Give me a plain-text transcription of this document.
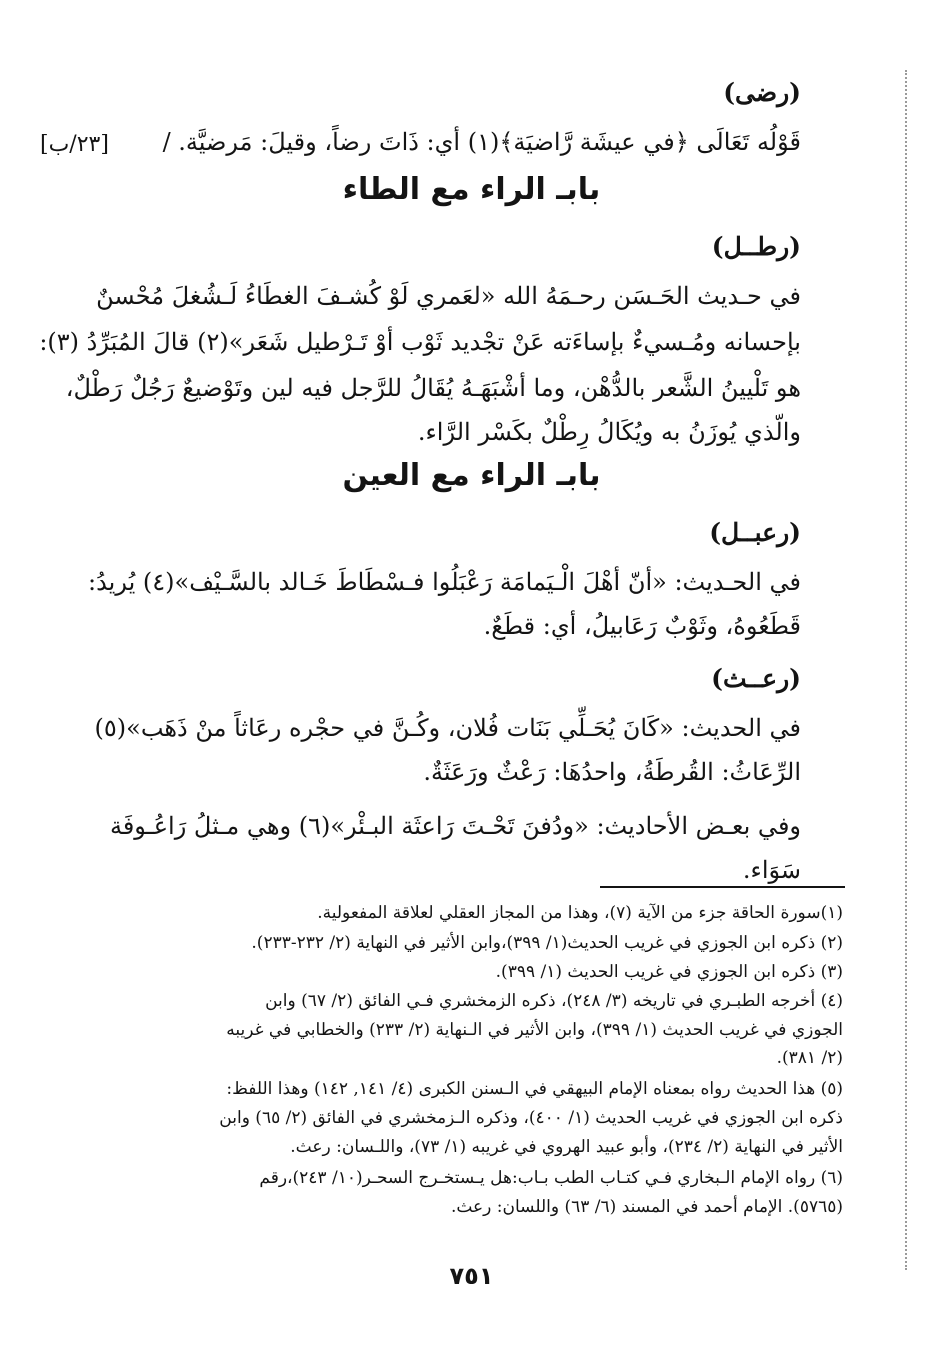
[٢٣/ب]
(رضى)
قَوْلُه تَعَالَى ﴿في عيشَة رَّاضيَة﴾(١) أي: ذَاتَ رضاً، وقيلَ: مَرضيَّة. /
بابـ الراء مع الطاء
(رطــل)
في حـديث الحَـسَن رحـمَهُ الله «لعَمري لَوْ كُشـفَ الغطَاءُ لَـشُغلَ مُحْسنٌ
بإحسانه ومُـسيءٌ بإساءَته عَنْ تجْديد ثَوْب أوْ تَـرْطيل شَعَر»(٢) قالَ المُبَرِّدُ (٣):
هو تَلْيينُ الشَّعر بالدُّهْن، وما أشْبَهَـهُ يُقَالُ للرَّجل فيه لين وتَوْضيعٌ رَجُلٌ رَطْلٌ،
والّذي يُوزَنُ به ويُكَالُ رِطْلٌ بكَسْر الرَّاء.
بابـ الراء مع العين
(رعبــل)
في الحـديث: «أنّ أهْلَ الْـيَمامَة رَعْبَلُوا فـسْطَاطَ خَـالد بالسَّـيْف»(٤) يُريدُ:
قَطَعُوهُ، وثَوْبٌ رَعَابيلُ، أي: قطَعٌ.
(رعــث)
في الحديث: «كَانَ يُحَـلِّي بَنَات فُلان، وكُـنَّ في حجْره رعَاثاً منْ ذَهَب»(٥)
الرِّعَاثُ: القُرطَةُ، واحدُهَا: رَعْثٌ ورَعَثَةٌ.
وفي بعـض الأحاديث: «ودُفنَ تَحْـتَ رَاعثَة البـئْر»(٦) وهي مـثلُ رَاعُـوفَة
سَوَاء.
(١)سورة الحاقة جزء من الآية (٧)، وهذا من المجاز العقلي لعلاقة المفعولية.
(٢) ذكره ابن الجوزي في غريب الحديث(١/ ٣٩٩)،وابن الأثير في النهاية (٢/ ٢٣٢-٢٣٣).
(٣) ذكره ابن الجوزي في غريب الحديث (١/ ٣٩٩).
(٤) أخرجه الطبـري في تاريخه (٣/ ٢٤٨)، ذكره الزمخشري فـي الفائق (٢/ ٦٧) وابن
الجوزي في غريب الحديث (١/ ٣٩٩)، وابن الأثير في الـنهاية (٢/ ٢٣٣) والخطابي في غريبه
(٢/ ٣٨١).
(٥) هذا الحديث رواه بمعناه الإمام البيهقي في الـسنن الكبرى (٤/ ١٤١, ١٤٢) وهذا اللفظ:
ذكره ابن الجوزي في غريب الحديث (١/ ٤٠٠)، وذكره الـزمخشري في الفائق (٢/ ٦٥) وابن
الأثير في النهاية (٢/ ٢٣٤)، وأبو عبيد الهروي في غريبه (١/ ٧٣)، واللـسان: رعث.
(٦) رواه الإمام الـبخاري فـي كتـاب الطب بـاب:هل يـستخـرج السحـر(١٠/ ٢٤٣)،رقم
(٥٧٦٥). الإمام أحمد في المسند (٦/ ٦٣) واللسان: رعث.
٧٥١
